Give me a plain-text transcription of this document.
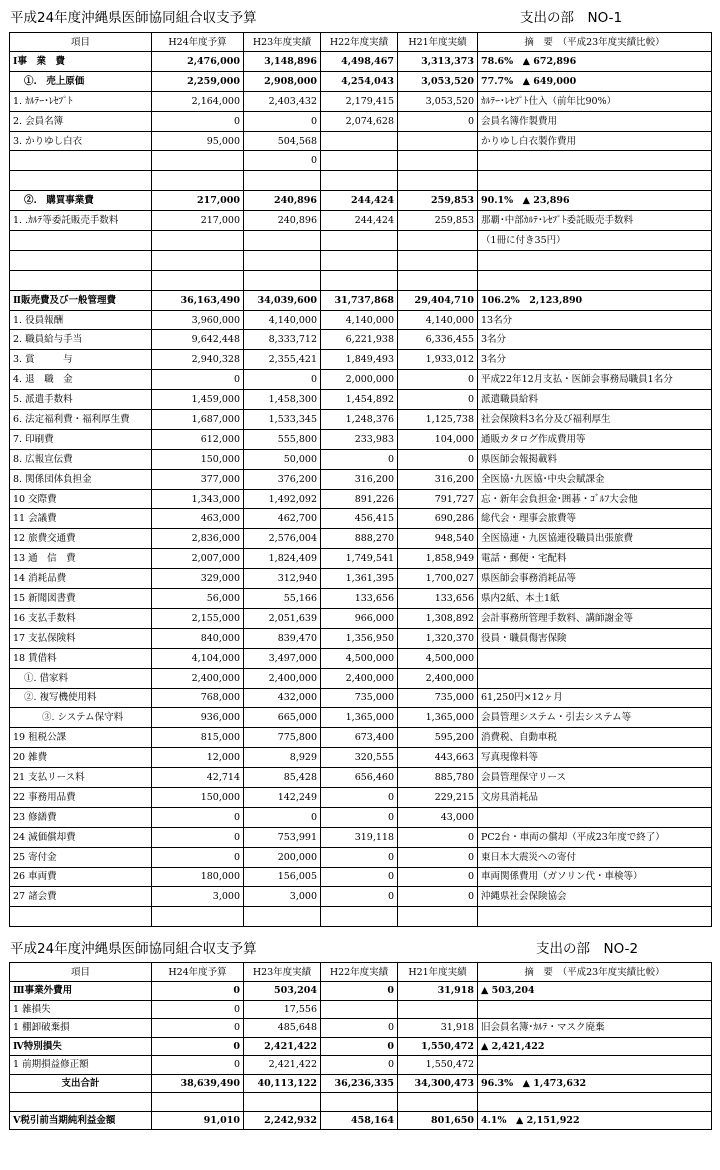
平成24年度沖縄県医師協同組合収支予算	支出の部　NO-1
項目	H24年度予算	H23年度実績	H22年度実績	H21年度実績	摘　要　（平成23年度実績比較）
Ⅰ事　業　費	2,476,000	3,148,896	4,498,467	3,313,373	78.6%　▲ 672,896
①.　売上原価	2,259,000	2,908,000	4,254,043	3,053,520	77.7%　▲ 649,000
1. ｶﾙﾃｰ･ﾚｾﾌﾟﾄ	2,164,000	2,403,432	2,179,415	3,053,520	ｶﾙﾃｰ･ﾚｾﾌﾟﾄ仕入（前年比90%）
2. 会員名簿	0	0	2,074,628	0	会員名簿作製費用
3. かりゆし白衣	95,000	504,568			かりゆし白衣製作費用
		0			

②.　購買事業費	217,000	240,896	244,424	259,853	90.1%　▲ 23,896
1. .ｶﾙﾃ等委託販売手数料	217,000	240,896	244,424	259,853	那覇･中部ｶﾙﾃ･ﾚｾﾌﾟﾄ委託販売手数料
					（1冊に付き35円）

Ⅱ販売費及び一般管理費	36,163,490	34,039,600	31,737,868	29,404,710	106.2%　2,123,890
1. 役員報酬	3,960,000	4,140,000	4,140,000	4,140,000	13名分
2. 職員給与手当	9,642,448	8,333,712	6,221,938	6,336,455	3名分
3. 賞　　　与	2,940,328	2,355,421	1,849,493	1,933,012	3名分
4. 退　職　金	0	0	2,000,000	0	平成22年12月支払・医師会事務局職員1名分
5. 派遣手数料	1,459,000	1,458,300	1,454,892	0	派遣職員給料
6. 法定福利費・福利厚生費	1,687,000	1,533,345	1,248,376	1,125,738	社会保険料3名分及び福利厚生
7. 印刷費	612,000	555,800	233,983	104,000	通販カタログ作成費用等
8. 広報宣伝費	150,000	50,000	0	0	県医師会報掲載料
8. 関係団体負担金	377,000	376,200	316,200	316,200	全医協･九医協･中央会賦課金
10 交際費	1,343,000	1,492,092	891,226	791,727	忘・新年会負担金･囲碁・ｺﾞﾙﾌ大会他
11 会議費	463,000	462,700	456,415	690,286	総代会・理事会旅費等
12 旅費交通費	2,836,000	2,576,004	888,270	948,540	全医協連・九医協連役職員出張旅費
13 通　信　費	2,007,000	1,824,409	1,749,541	1,858,949	電話・郵便・宅配料
14 消耗品費	329,000	312,940	1,361,395	1,700,027	県医師会事務消耗品等
15 新聞図書費	56,000	55,166	133,656	133,656	県内2紙、本土1紙
16 支払手数料	2,155,000	2,051,639	966,000	1,308,892	会計事務所管理手数料、講師謝金等
17 支払保険料	840,000	839,470	1,356,950	1,320,370	役員・職員傷害保険
18 賃借料	4,104,000	3,497,000	4,500,000	4,500,000	
①. 借家料	2,400,000	2,400,000	2,400,000	2,400,000	
②. 複写機使用料	768,000	432,000	735,000	735,000	61,250円×12ヶ月
③. システム保守料	936,000	665,000	1,365,000	1,365,000	会員管理システム・引去システム等
19 租税公課	815,000	775,800	673,400	595,200	消費税、自動車税
20 雑費	12,000	8,929	320,555	443,663	写真現像料等
21 支払リース料	42,714	85,428	656,460	885,780	会員管理保守リース
22 事務用品費	150,000	142,249	0	229,215	文房具消耗品
23 修繕費	0	0	0	43,000	
24 減価償却費	0	753,991	319,118	0	PC2台・車両の償却（平成23年度で終了）
25 寄付金	0	200,000	0	0	東日本大震災への寄付
26 車両費	180,000	156,005	0	0	車両関係費用（ガソリン代・車検等）
27 諸会費	3,000	3,000	0	0	沖縄県社会保険協会

平成24年度沖縄県医師協同組合収支予算	支出の部　NO-2
項目	H24年度予算	H23年度実績	H22年度実績	H21年度実績	摘　要　（平成23年度実績比較）
Ⅲ事業外費用	0	503,204	0	31,918	▲ 503,204
1 雑損失	0	17,556			
1 棚卸破棄損	0	485,648	0	31,918	旧会員名簿･ｶﾙﾃ・マスク廃棄
Ⅳ特別損失	0	2,421,422	0	1,550,472	▲ 2,421,422
1 前期損益修正額	0	2,421,422	0	1,550,472	
支出合計	38,639,490	40,113,122	36,236,335	34,300,473	96.3%　▲ 1,473,632

Ⅴ税引前当期純利益金額	91,010	2,242,932	458,164	801,650	4.1%　▲ 2,151,922
